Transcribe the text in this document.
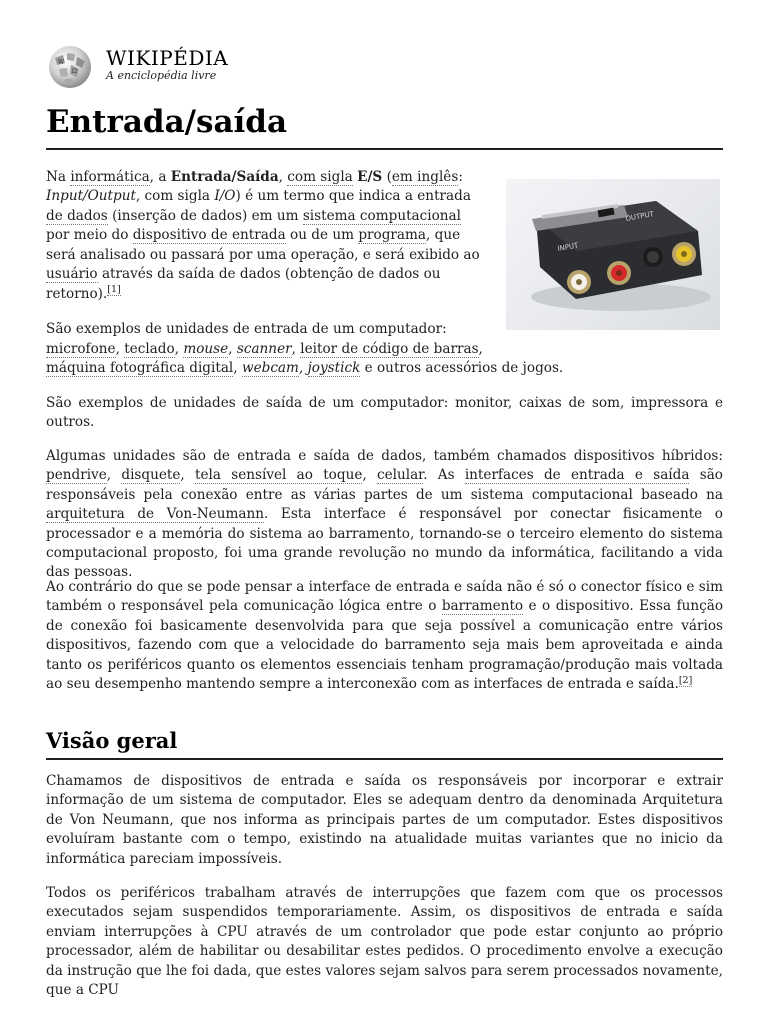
W
Ω
WIKIPÉDIA
A enciclopédia livre
Entrada/saída
INPUT
OUTPUT
Na informática, a Entrada/Saída, com sigla E/S (em inglês:
Input/Output, com sigla I/O) é um termo que indica a entrada
de dados (inserção de dados) em um sistema computacional
por meio do dispositivo de entrada ou de um programa, que
será analisado ou passará por uma operação, e será exibido ao
usuário através da saída de dados (obtenção de dados ou
retorno).[1]
São exemplos de unidades de entrada de um computador:
microfone, teclado, mouse, scanner, leitor de código de barras,
máquina fotográfica digital, webcam, joystick e outros acessórios de jogos.

São exemplos de unidades de saída de um computador: monitor, caixas de som, impressora e outros.

Algumas unidades são de entrada e saída de dados, também chamados dispositivos híbridos: pendrive, disquete, tela sensível ao toque, celular. As interfaces de entrada e saída são responsáveis pela conexão entre as várias partes de um sistema computacional baseado na arquitetura de Von-Neumann. Esta interface é responsável por conectar fisicamente o processador e a memória do sistema ao barramento, tornando-se o terceiro elemento do sistema computacional proposto, foi uma grande revolução no mundo da informática, facilitando a vida das pessoas.

Ao contrário do que se pode pensar a interface de entrada e saída não é só o conector físico e sim também o responsável pela comunicação lógica entre o barramento e o dispositivo. Essa função de conexão foi basicamente desenvolvida para que seja possível a comunicação entre vários dispositivos, fazendo com que a velocidade do barramento seja mais bem aproveitada e ainda tanto os periféricos quanto os elementos essenciais tenham programação/produção mais voltada ao seu desempenho mantendo sempre a interconexão com as interfaces de entrada e saída.[2]

Visão geral

Chamamos de dispositivos de entrada e saída os responsáveis por incorporar e extrair informação de um sistema de computador. Eles se adequam dentro da denominada Arquitetura de Von Neumann, que nos informa as principais partes de um computador. Estes dispositivos evoluíram bastante com o tempo, existindo na atualidade muitas variantes que no inicio da informática pareciam impossíveis.

Todos os periféricos trabalham através de interrupções que fazem com que os processos executados sejam suspendidos temporariamente. Assim, os dispositivos de entrada e saída enviam interrupções à CPU através de um controlador que pode estar conjunto ao próprio processador, além de habilitar ou desabilitar estes pedidos. O procedimento envolve a execução da instrução que lhe foi dada, que estes valores sejam salvos para serem processados novamente, que a CPU
